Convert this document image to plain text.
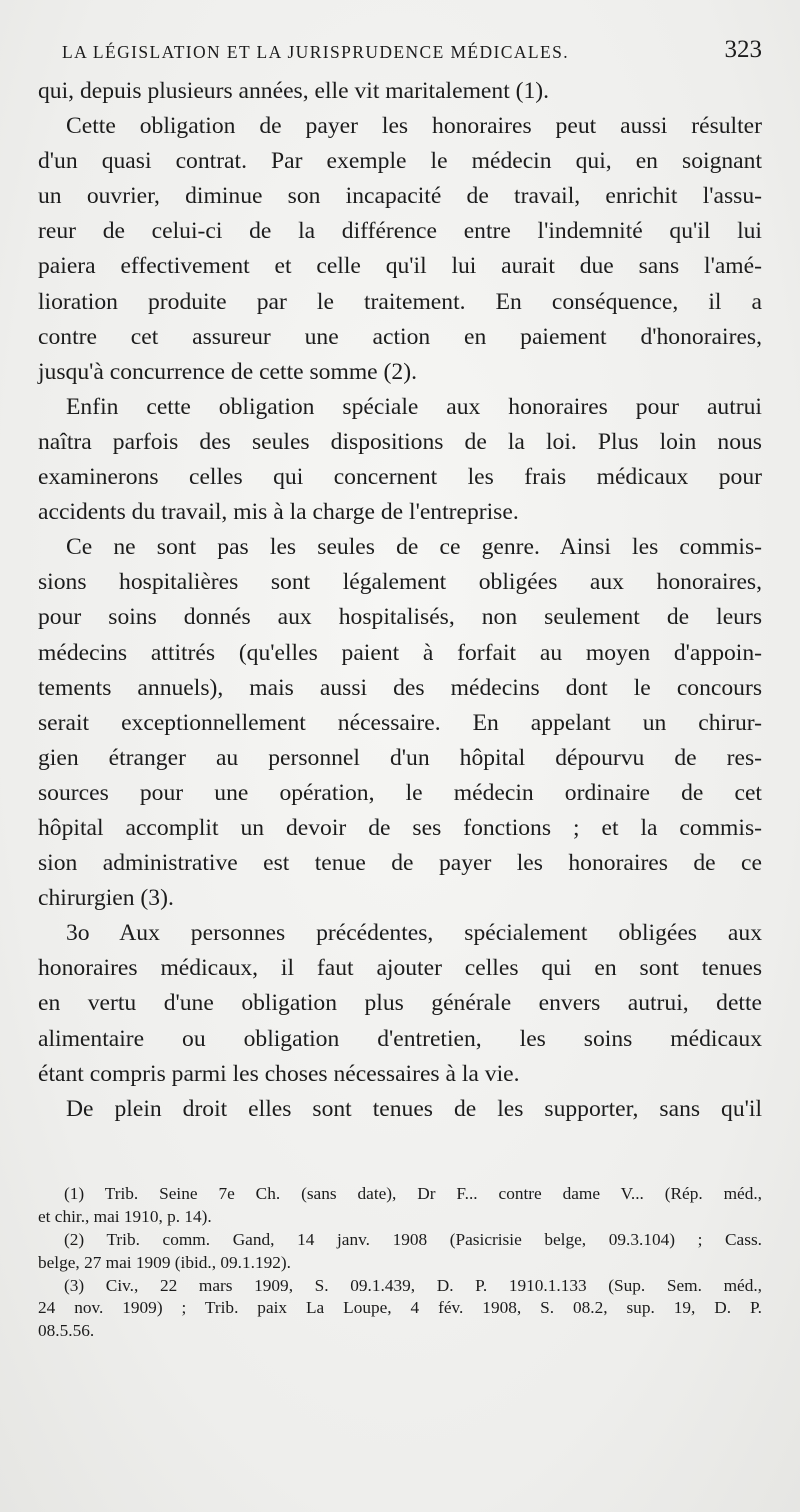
LA LÉGISLATION ET LA JURISPRUDENCE MÉDICALES.	323
qui, depuis plusieurs années, elle vit maritalement (1).
Cette obligation de payer les honoraires peut aussi résulter
d'un quasi contrat. Par exemple le médecin qui, en soignant
un ouvrier, diminue son incapacité de travail, enrichit l'assu-
reur de celui-ci de la différence entre l'indemnité qu'il lui
paiera effectivement et celle qu'il lui aurait due sans l'amé-
lioration produite par le traitement. En conséquence, il a
contre cet assureur une action en paiement d'honoraires,
jusqu'à concurrence de cette somme (2).
Enfin cette obligation spéciale aux honoraires pour autrui
naîtra parfois des seules dispositions de la loi. Plus loin nous
examinerons celles qui concernent les frais médicaux pour
accidents du travail, mis à la charge de l'entreprise.
Ce ne sont pas les seules de ce genre. Ainsi les commis-
sions hospitalières sont légalement obligées aux honoraires,
pour soins donnés aux hospitalisés, non seulement de leurs
médecins attitrés (qu'elles paient à forfait au moyen d'appoin-
tements annuels), mais aussi des médecins dont le concours
serait exceptionnellement nécessaire. En appelant un chirur-
gien étranger au personnel d'un hôpital dépourvu de res-
sources pour une opération, le médecin ordinaire de cet
hôpital accomplit un devoir de ses fonctions ; et la commis-
sion administrative est tenue de payer les honoraires de ce
chirurgien (3).
3o Aux personnes précédentes, spécialement obligées aux
honoraires médicaux, il faut ajouter celles qui en sont tenues
en vertu d'une obligation plus générale envers autrui, dette
alimentaire ou obligation d'entretien, les soins médicaux
étant compris parmi les choses nécessaires à la vie.
De plein droit elles sont tenues de les supporter, sans qu'il
(1) Trib. Seine 7e Ch. (sans date), Dr F... contre dame V... (Rép. méd.,
et chir., mai 1910, p. 14).
(2) Trib. comm. Gand, 14 janv. 1908 (Pasicrisie belge, 09.3.104) ; Cass.
belge, 27 mai 1909 (ibid., 09.1.192).
(3) Civ., 22 mars 1909, S. 09.1.439, D. P. 1910.1.133 (Sup. Sem. méd.,
24 nov. 1909) ; Trib. paix La Loupe, 4 fév. 1908, S. 08.2, sup. 19, D. P.
08.5.56.
